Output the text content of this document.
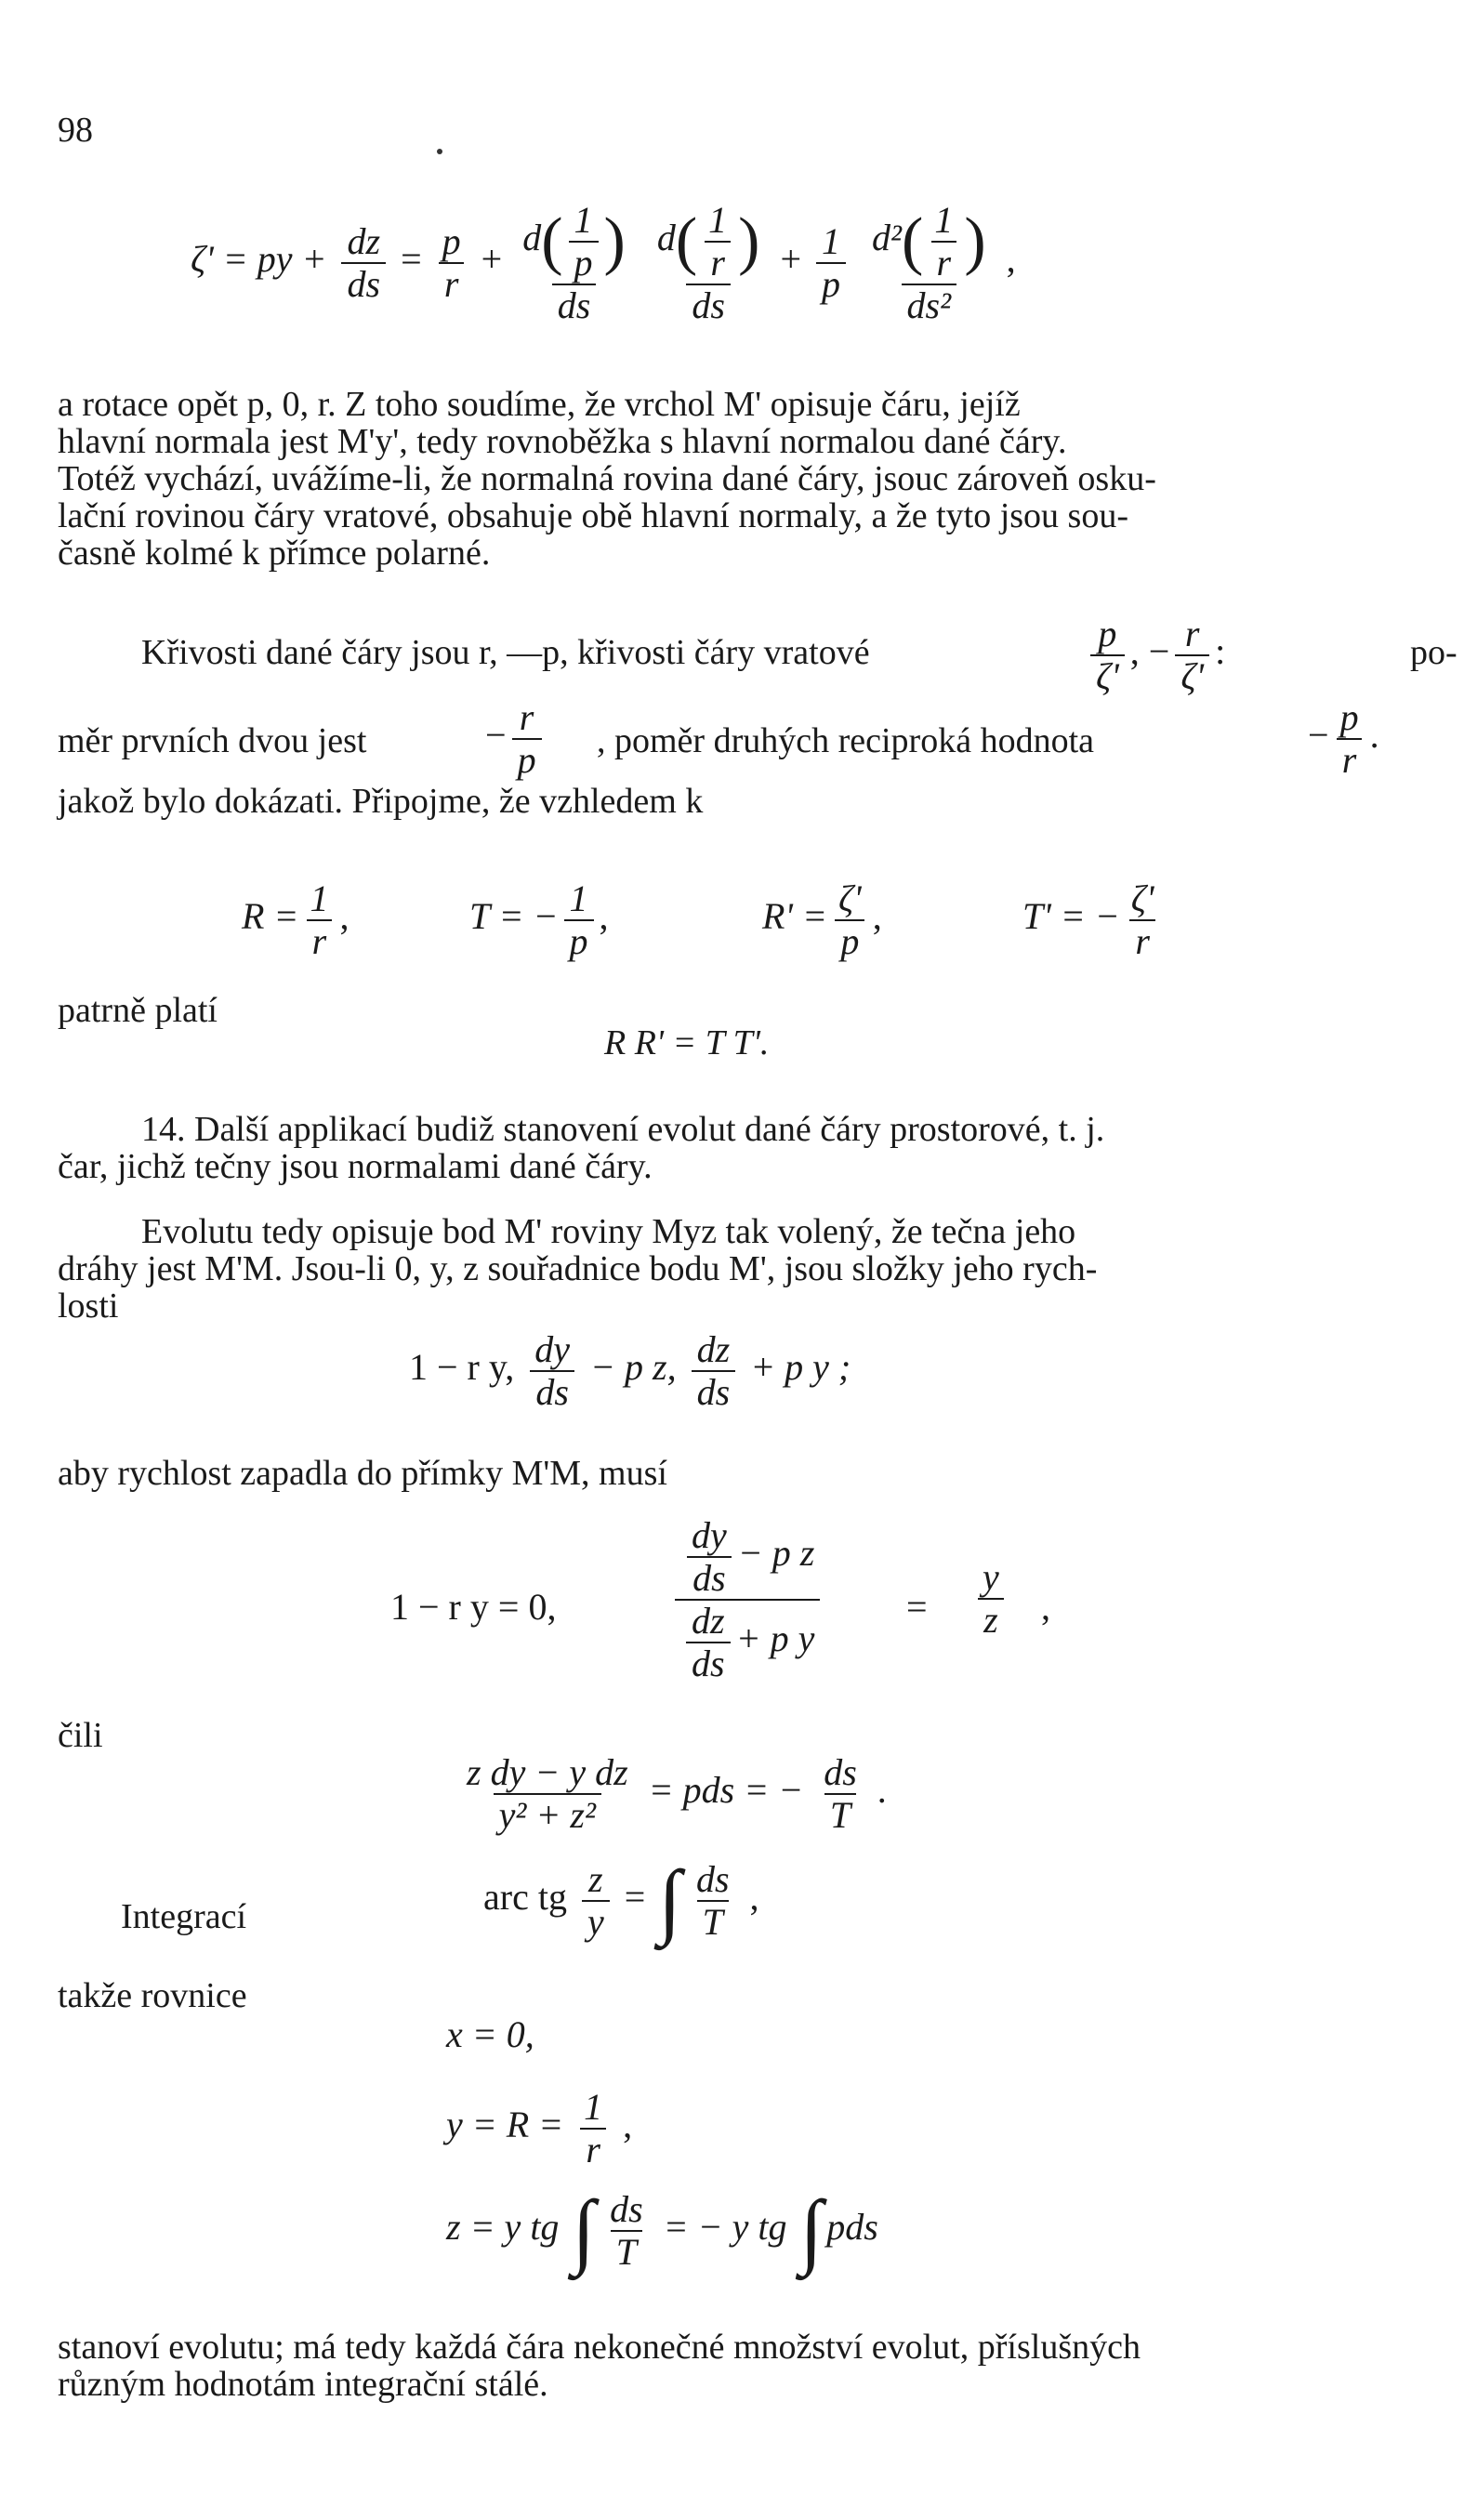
98
ζ' = py + $\frac{dz}{ds} = \frac{p}{r} + \frac{d( \frac{1}{p} )}{ds}$
$\frac{d( \frac{1}{r} )}{ds} + \frac{1}{p}$
$\frac{d^2( \frac{1}{r} )}{\text{ds²}}$ ,
a rotace opět p, 0, r. Z toho soudíme, že vrchol M' opisuje čáru, jejíž
hlavní normala jest M'y', tedy rovnoběžka s hlavní normalou dané čáry.
Totéž vychází, uvážíme-li, že normalná rovina dané čáry, jsouc zároveň osku-
lační rovinou čáry vratové, obsahuje obě hlavní normaly, a že tyto jsou sou-
časně kolmé k přímce polarné.
Křivosti dané čáry jsou r, —p, křivosti čáry vratové	$\frac{p}{\zeta'}$ , − $\frac{r}{\zeta'}$ :	po-
měr prvních dvou jest	− $\frac{r}{p}$ , poměr druhých reciproká hodnota	− $\frac{p}{r}$ .
jakož bylo dokázati. Připojme, že vzhledem k
$R = \frac{1}{r}$ ,	T = − $\frac{1}{p}$ ,	$R' = \frac{\zeta'}{p}$ ,	T' = − $\frac{\zeta'}{r}$
patrně platí
R R' = T T'.
14. Další applikací budiž stanovení evolut dané čáry prostorové, t. j.
čar, jichž tečny jsou normalami dané čáry.
Evolutu tedy opisuje bod M' roviny Myz tak volený, že tečna jeho
dráhy jest M'M. Jsou-li 0, y, z souřadnice bodu M', jsou složky jeho rych-
losti
1 − r y, $\frac{dy}{ds} - p$ z, $\frac{dz}{ds} + p$ y ;
aby rychlost zapadla do přímky M'M, musí
1 − r y = 0,
$\frac{dy}{ds} - p$ z
$\frac{dz}{ds} + p$ y
= $\frac{y}{z}$ ,
čili
$\frac{\text{z dy − y dz}}{\text{y² + z²}}$ = pds = − $\frac{ds}{T}$ .
Integrací	arc tg $\frac{z}{y}$ = ∫ $\frac{ds}{T}$ ,
takže rovnice
x = 0,
$y = R = \frac{1}{r}$ ,
z = y tg ∫ $\frac{ds}{T}$ = − y tg ∫ pds
stanoví evolutu; má tedy každá čára nekonečné množství evolut, příslušných
různým hodnotám integrační stálé.
